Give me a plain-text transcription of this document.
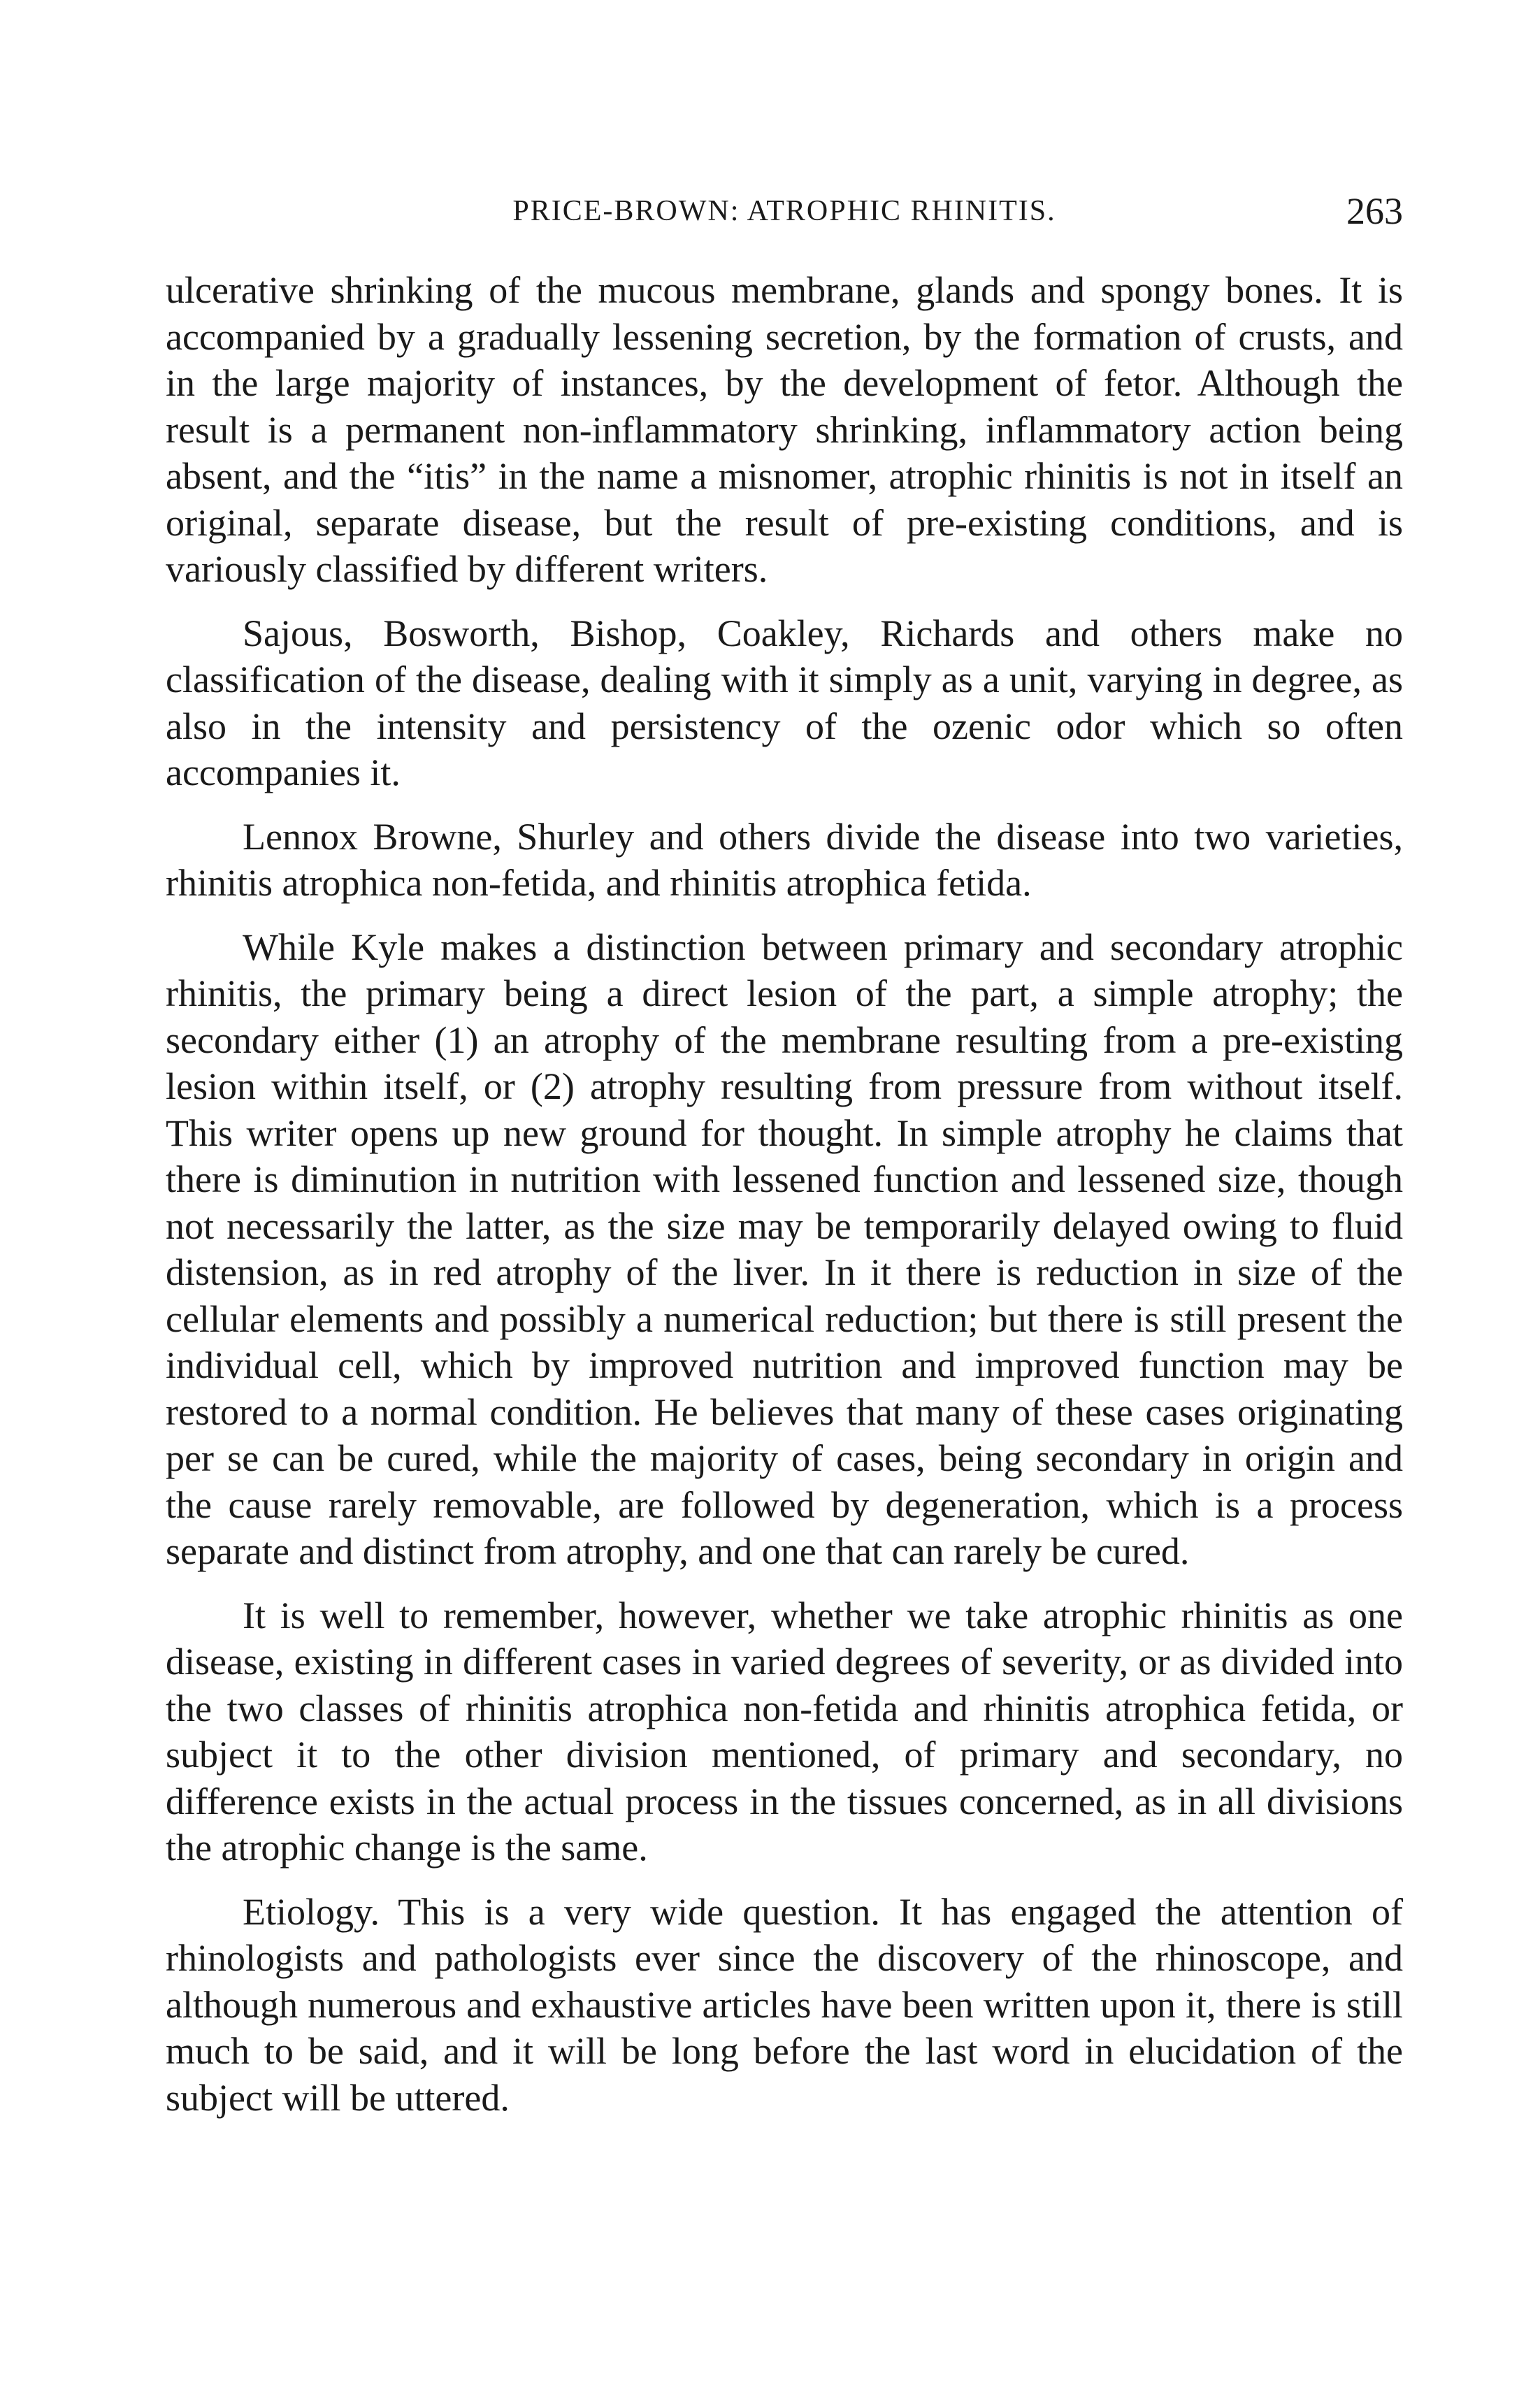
PRICE-BROWN: ATROPHIC RHINITIS.	263

ulcerative shrinking of the mucous membrane, glands and spongy bones. It is accompanied by a gradually lessening secretion, by the formation of crusts, and in the large majority of instances, by the development of fetor. Although the result is a permanent non-inflammatory shrinking, inflammatory action being absent, and the “itis” in the name a misnomer, atrophic rhinitis is not in itself an original, separate disease, but the result of pre-existing conditions, and is variously classified by different writers.

Sajous, Bosworth, Bishop, Coakley, Richards and others make no classification of the disease, dealing with it simply as a unit, varying in degree, as also in the intensity and persistency of the ozenic odor which so often accompanies it.

Lennox Browne, Shurley and others divide the disease into two varieties, rhinitis atrophica non-fetida, and rhinitis atrophica fetida.

While Kyle makes a distinction between primary and secondary atrophic rhinitis, the primary being a direct lesion of the part, a simple atrophy; the secondary either (1) an atrophy of the membrane resulting from a pre-existing lesion within itself, or (2) atrophy resulting from pressure from without itself. This writer opens up new ground for thought. In simple atrophy he claims that there is diminution in nutrition with lessened function and lessened size, though not necessarily the latter, as the size may be temporarily delayed owing to fluid distension, as in red atrophy of the liver. In it there is reduction in size of the cellular elements and possibly a numerical reduction; but there is still present the individual cell, which by improved nutrition and improved function may be restored to a normal condition. He believes that many of these cases originating per se can be cured, while the majority of cases, being secondary in origin and the cause rarely removable, are followed by degeneration, which is a process separate and distinct from atrophy, and one that can rarely be cured.

It is well to remember, however, whether we take atrophic rhinitis as one disease, existing in different cases in varied degrees of severity, or as divided into the two classes of rhinitis atrophica non-fetida and rhinitis atrophica fetida, or subject it to the other division mentioned, of primary and secondary, no difference exists in the actual process in the tissues concerned, as in all divisions the atrophic change is the same.

Etiology. This is a very wide question. It has engaged the attention of rhinologists and pathologists ever since the discovery of the rhinoscope, and although numerous and exhaustive articles have been written upon it, there is still much to be said, and it will be long before the last word in elucidation of the subject will be uttered.
